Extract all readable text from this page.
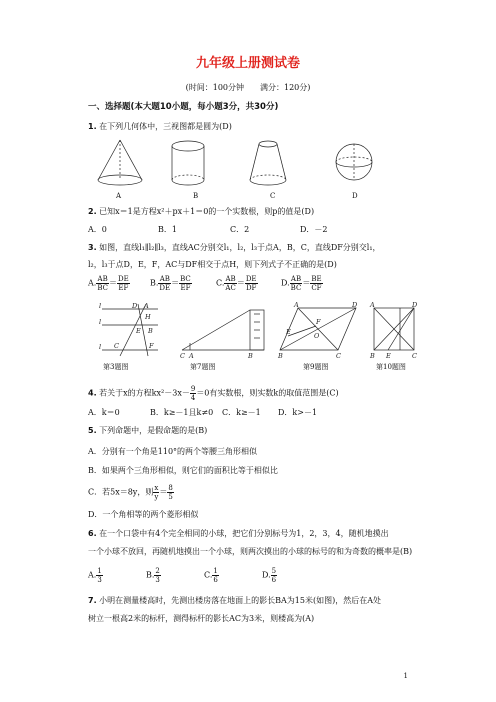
九年级上册测试卷
(时间：100分钟　　满分：120分)
一、选择题(本大题10小题，每小题3分，共30分)
1. 在下列几何体中，三视图都是圆为(D)
A	B	C	D
2. 已知x＝1是方程x²＋px＋1＝0的一个实数根，则p的值是(D)
A．0	B．1	C．2	D．－2
3. 如图，直线l₁∥l₂∥l₃，直线AC分别交l₁，l₂，l₃于点A，B，C，直线DF分别交l₁，
l₂，l₃于点D，E，F，AC与DF相交于点H，则下列式子不正确的是(D)
A. $\frac{AB}{BC} = \frac{DE}{EF}$	B. $\frac{AB}{DE} = \frac{BC}{EF}$	C. $\frac{AB}{AC} = \frac{DE}{DF}$	D. $\frac{AB}{BC} = \frac{BE}{CF}$
l
l
l
D A
H
E B
C	F
C A	B
A	D
E
F
O
B	C
A	D
B E	C
第3题图	第7题图	第9题图	第10题图
4. 若关于x的方程$kx^2-3x- \frac{9}{4} =0$有实数根，则实数k的取值范围是(C)
A．k＝0	B．k≥－1且k≠0 C．k≥－1 D．k>－1
5. 下列命题中，是假命题的是(B)
A．分别有一个角是110°的两个等腰三角形相似
B．如果两个三角形相似，则它们的面积比等于相似比
C．若5x＝8y，则 $\frac{x}{y} = \frac{8}{5}$
D．一个角相等的两个菱形相似
6. 在一个口袋中有4个完全相同的小球，把它们分别标号为1，2，3，4，随机地摸出
一个小球不放回，再随机地摸出一个小球，则两次摸出的小球的标号的和为奇数的概率是(B)
A. $\frac{1}{3}$	B. $\frac{2}{3}$	C. $\frac{1}{6}$	D. $\frac{5}{6}$
7. 小明在测量楼高时，先测出楼房落在地面上的影长BA为15米(如图)，然后在A处
树立一根高2米的标杆，测得标杆的影长AC为3米，则楼高为(A)
1
